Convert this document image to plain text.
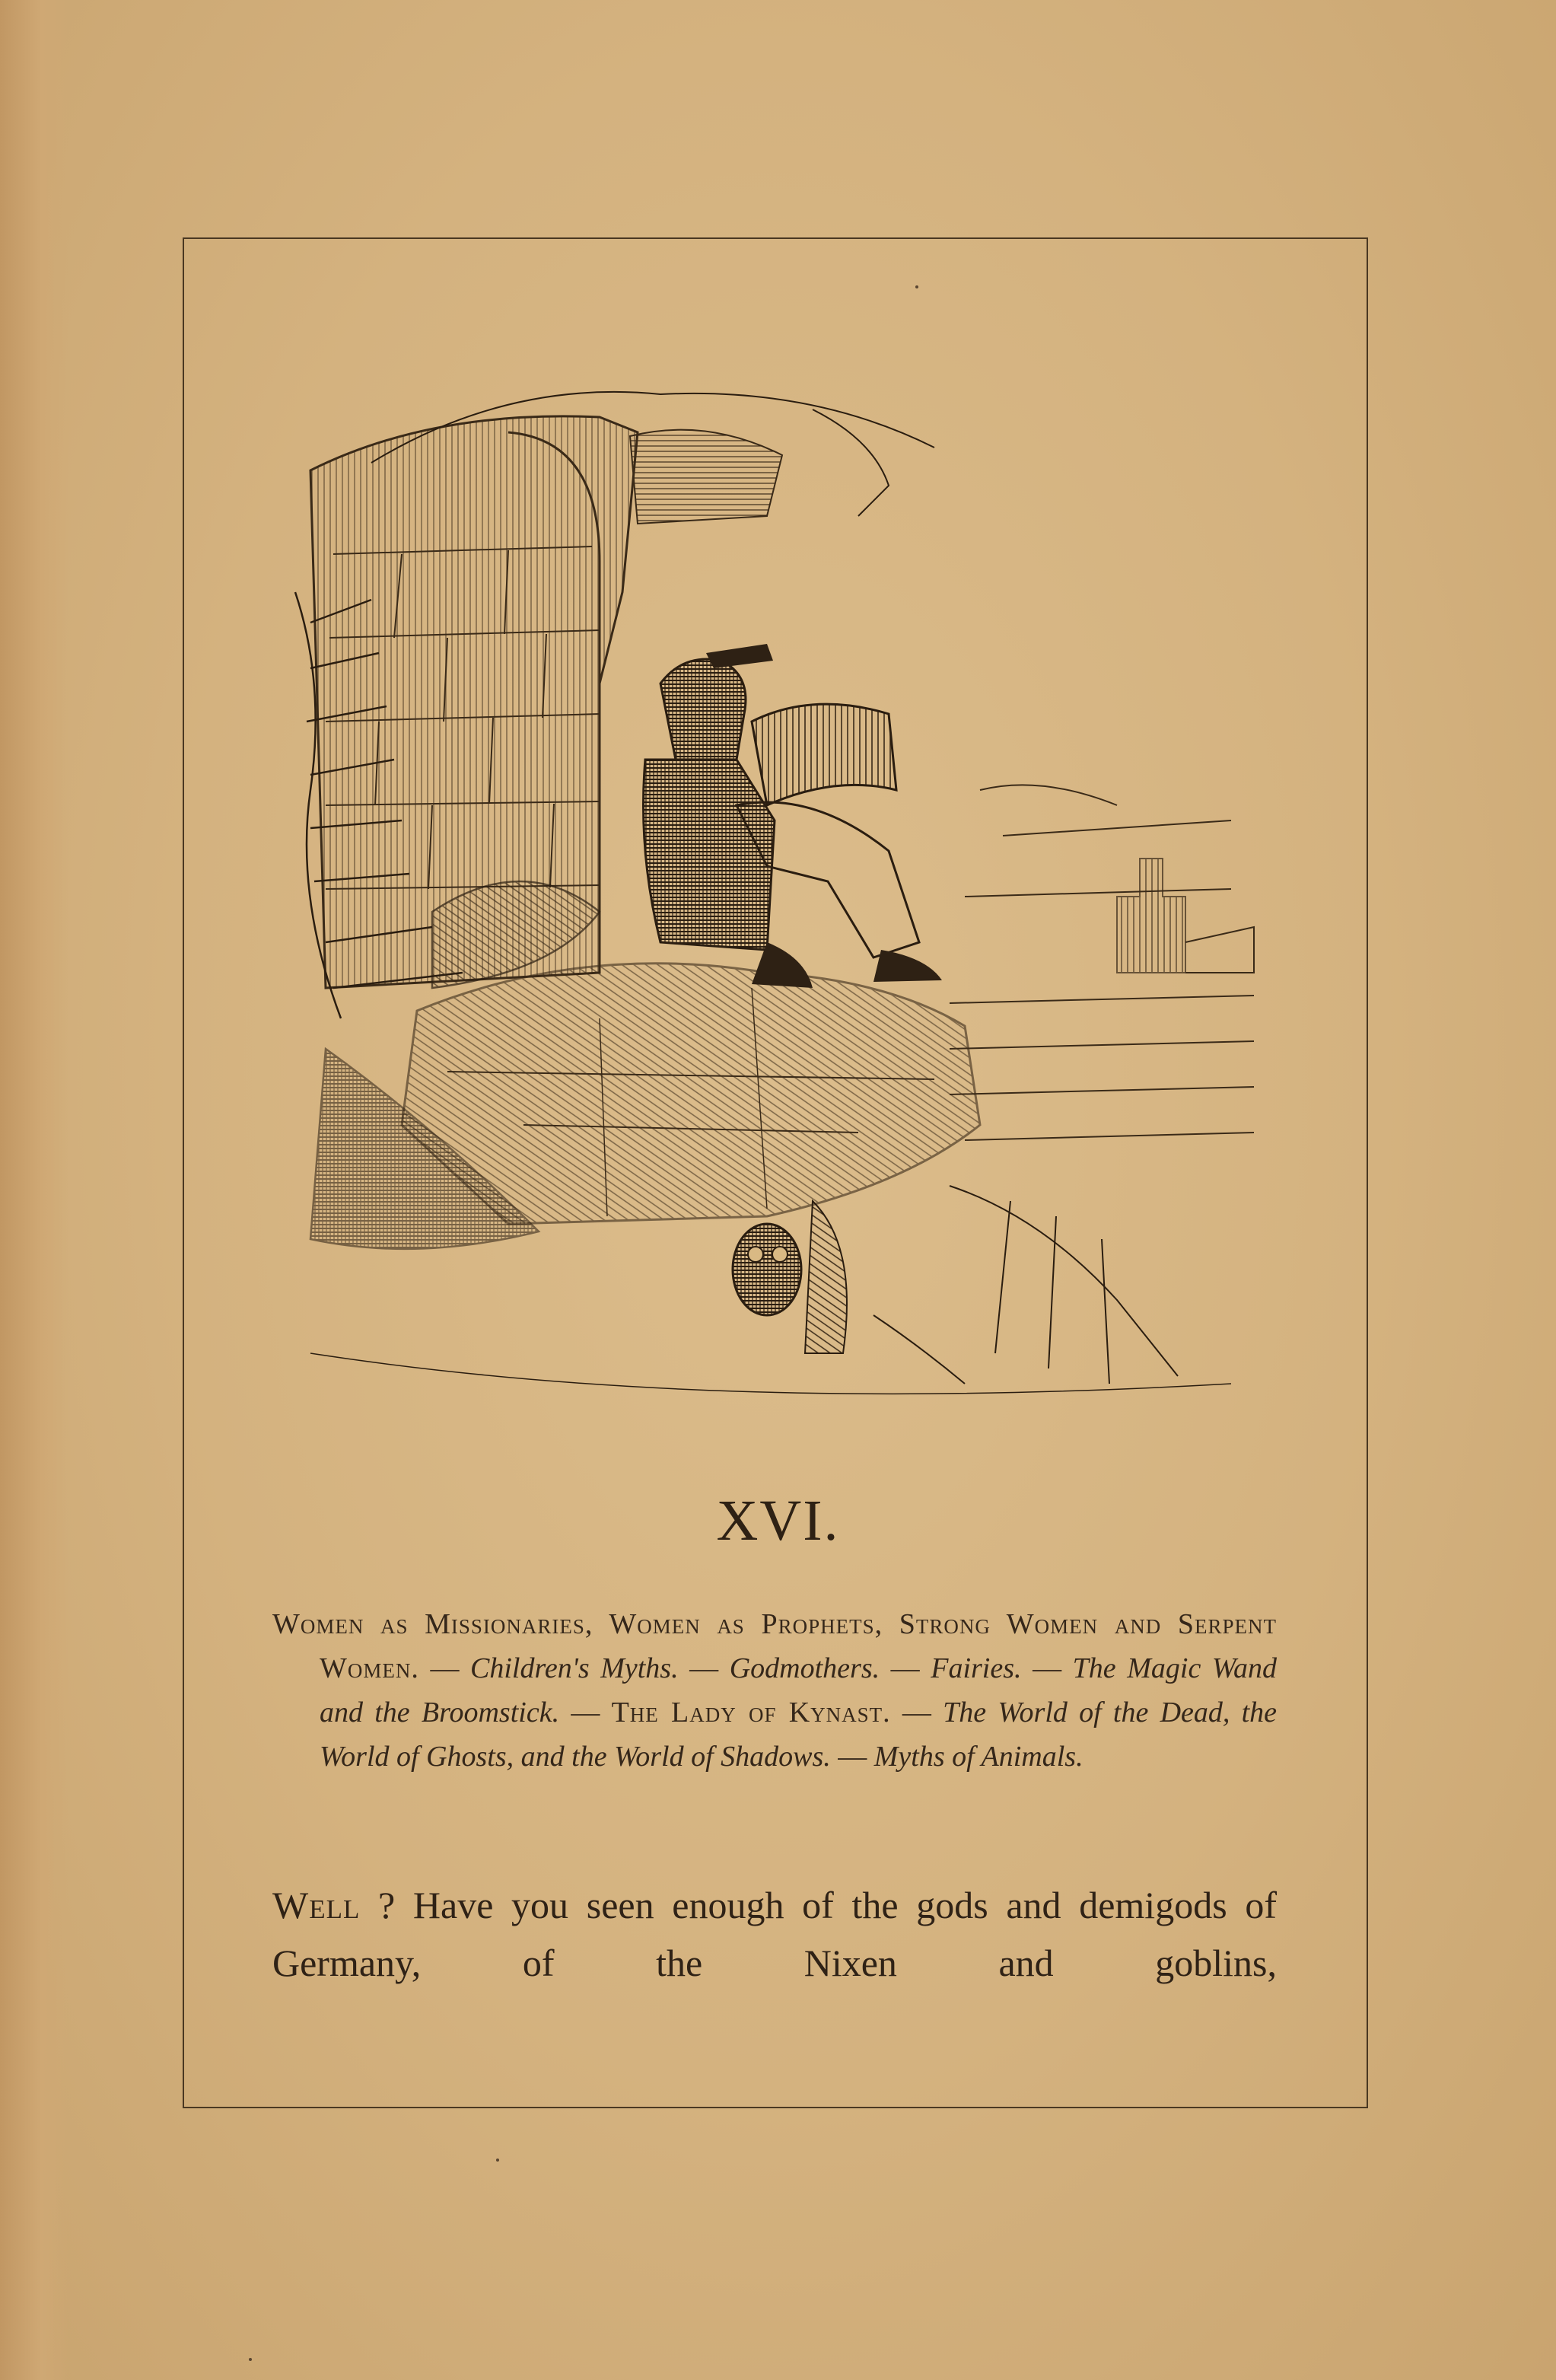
XVI.
Women as Missionaries, Women as Prophets, Strong Women and Serpent Women. — Children's Myths. — Godmothers. — Fairies. — The Magic Wand and the Broomstick. — The Lady of Kynast. — The World of the Dead, the World of Ghosts, and the World of Shadows. — Myths of Animals.
Well ? Have you seen enough of the gods and demigods of Germany, of the Nixen and goblins,
